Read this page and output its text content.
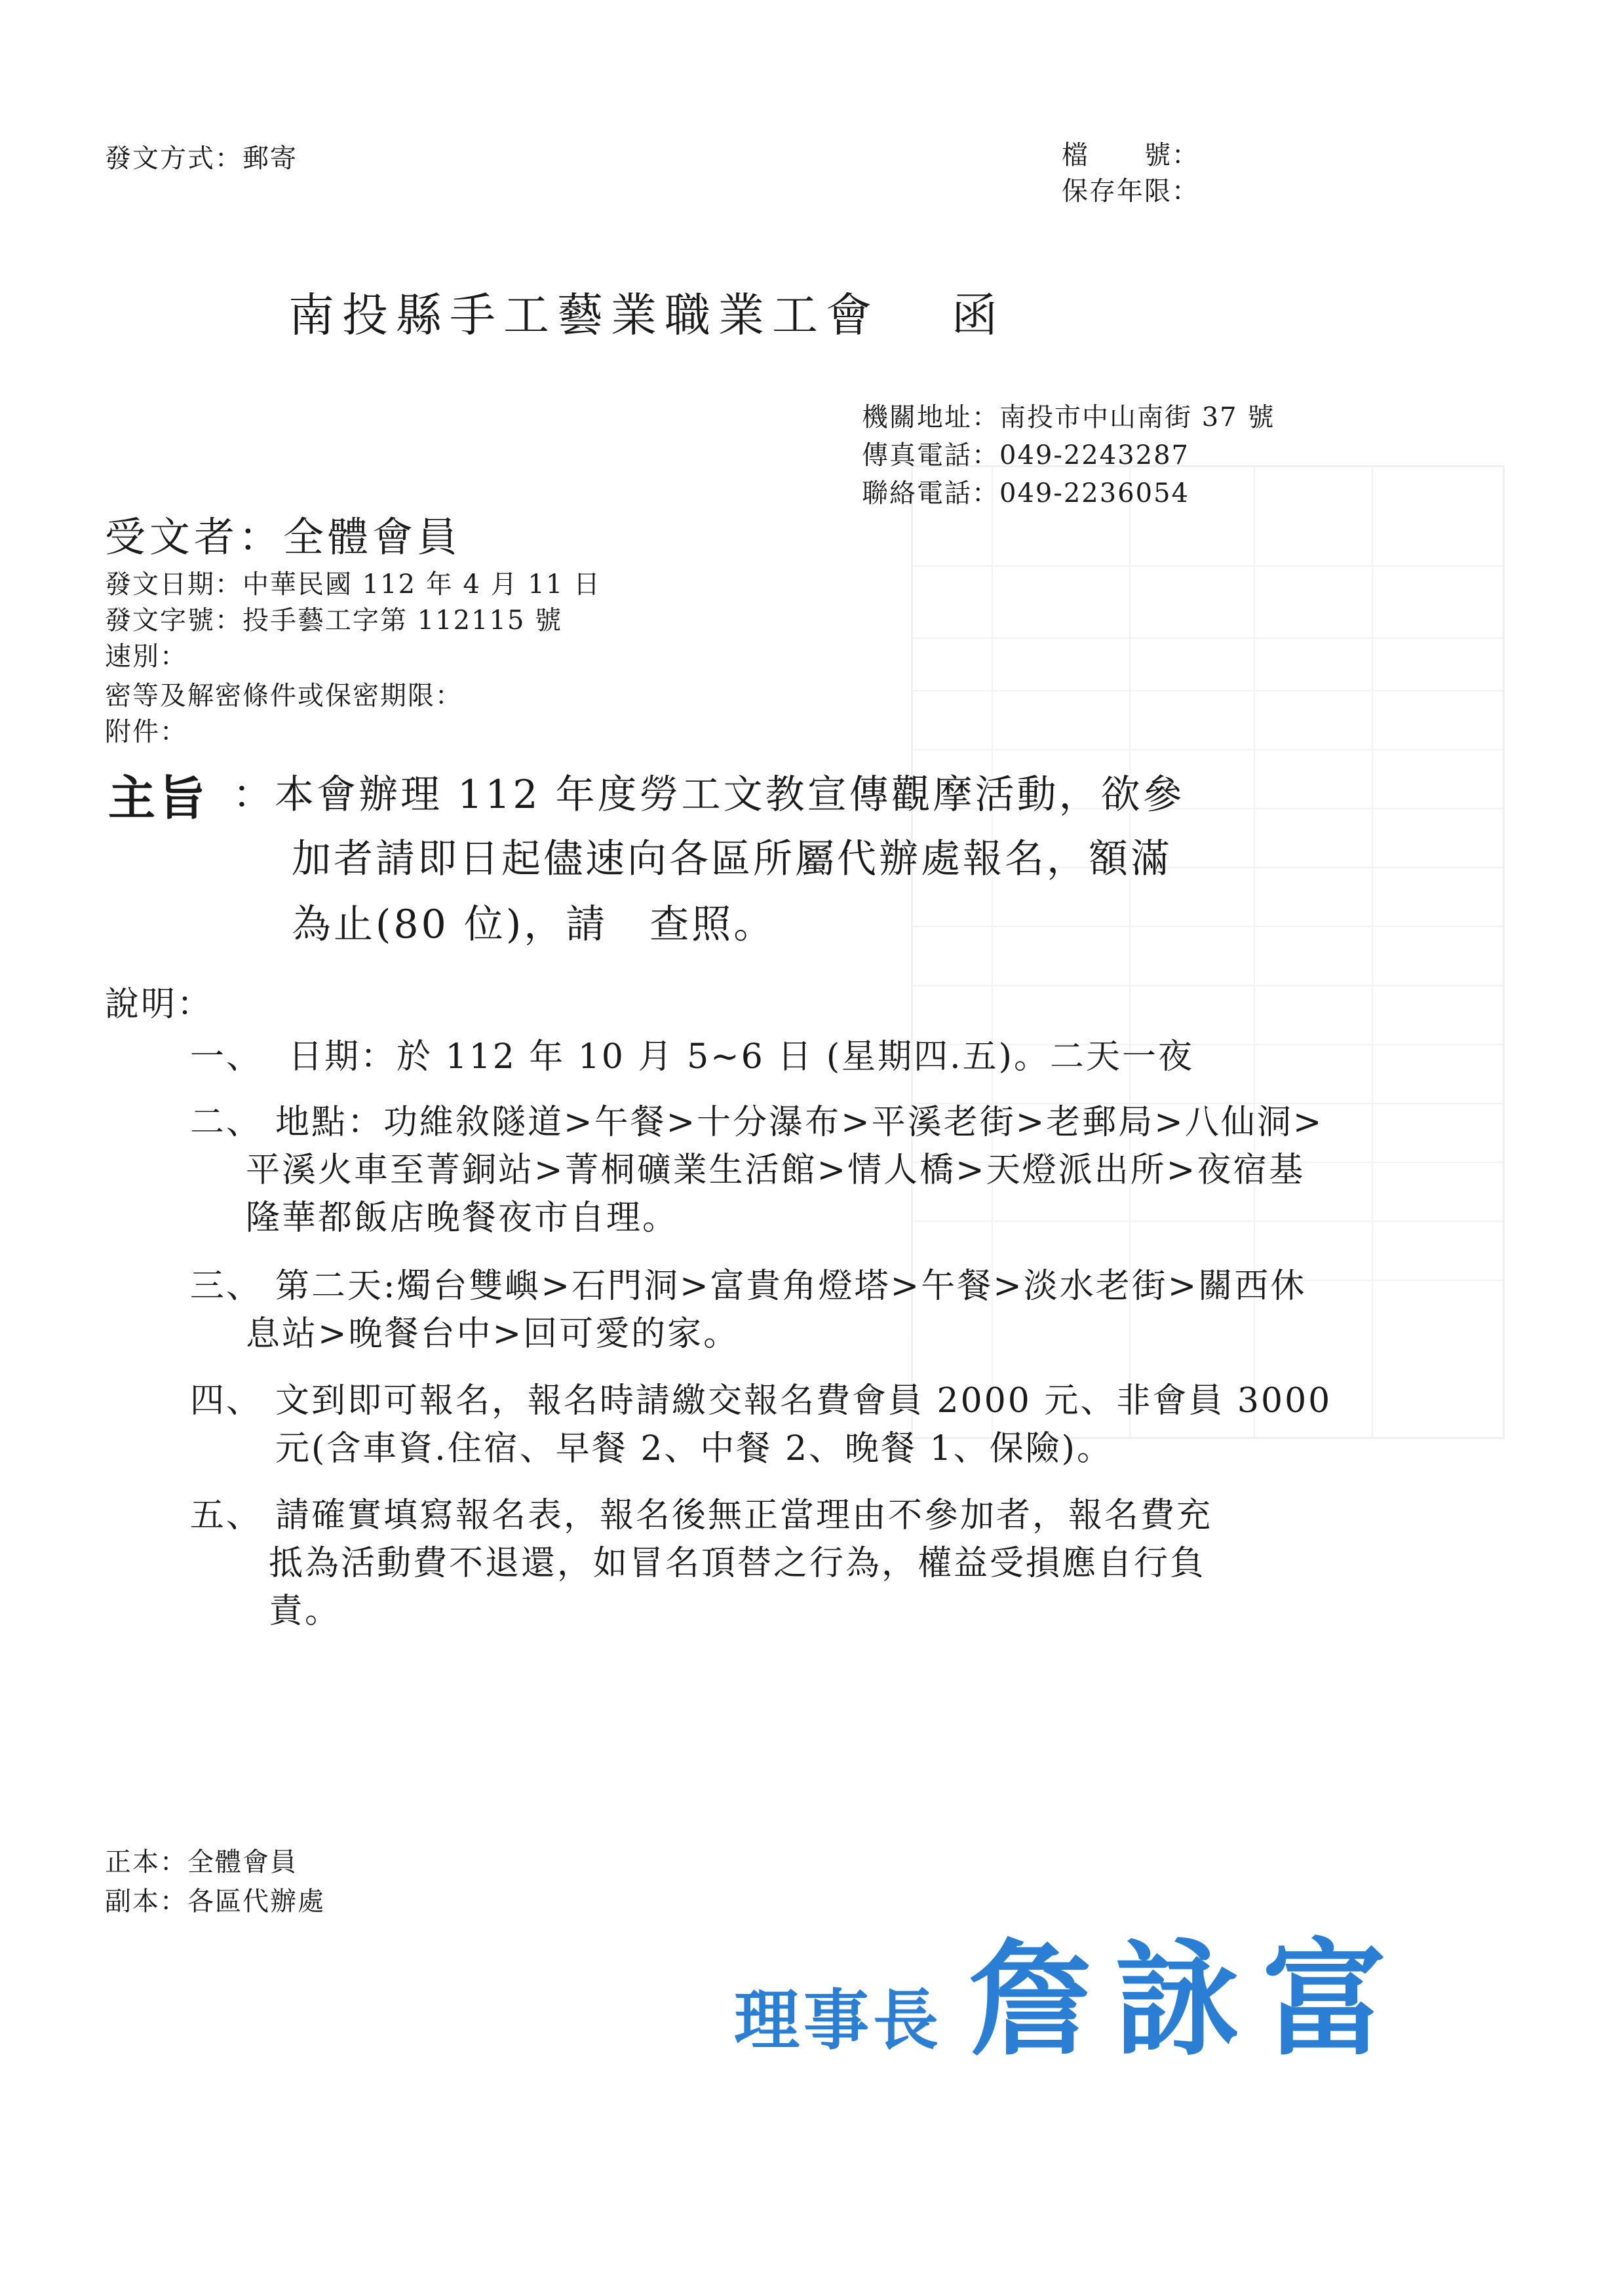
發文方式：郵寄	檔　　號：
保存年限：
南投縣手工藝業職業工會 函
機關地址：南投市中山南街 37 號
傳真電話：049-2243287
聯絡電話：049-2236054
受文者：全體會員
發文日期：中華民國 112 年 4 月 11 日
發文字號：投手藝工字第 112115 號
速別：
密等及解密條件或保密期限：
附件：
主旨 ：本會辦理 112 年度勞工文教宣傳觀摩活動，欲參
加者請即日起儘速向各區所屬代辦處報名，額滿
為止(80 位)，請　查照。
說明：
一、 日期：於 112 年 10 月 5~6 日 (星期四.五)。二天一夜
二、 地點：功維敘隧道>午餐>十分瀑布>平溪老街>老郵局>八仙洞>
平溪火車至菁銅站>菁桐礦業生活館>情人橋>天燈派出所>夜宿基
隆華都飯店晚餐夜市自理。
三、 第二天:燭台雙嶼>石門洞>富貴角燈塔>午餐>淡水老街>關西休
息站>晚餐台中>回可愛的家。
四、 文到即可報名，報名時請繳交報名費會員 2000 元、非會員 3000
元(含車資.住宿、早餐 2、中餐 2、晚餐 1、保險)。
五、 請確實填寫報名表，報名後無正當理由不參加者，報名費充
抵為活動費不退還，如冒名頂替之行為，權益受損應自行負
責。
正本：全體會員
副本：各區代辦處
理事長 詹詠富
